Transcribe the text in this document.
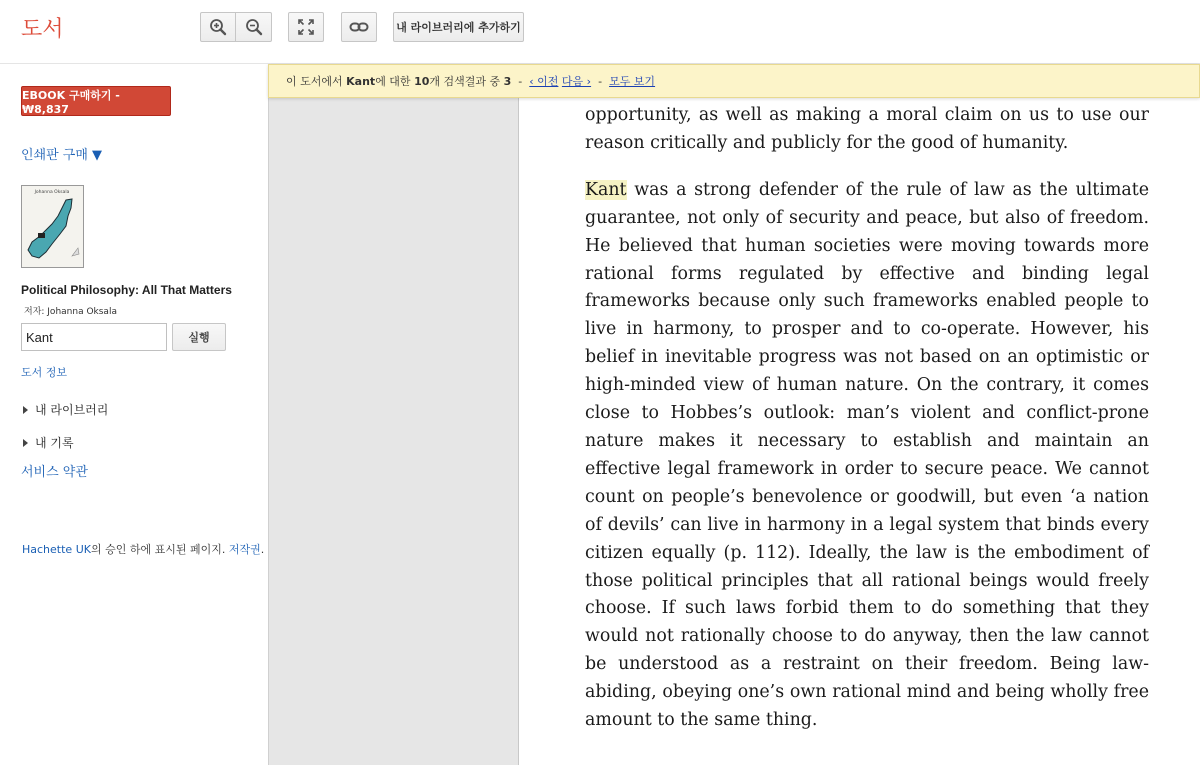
도서	내 라이브러리에 추가하기
EBOOK 구매하기 - ₩8,837
인쇄판 구매 ▼
Johanna Oksala
Political Philosophy: All That Matters
저자: Johanna Oksala
Kant
실행
도서 정보
내 라이브러리
내 기록
서비스 약관
Hachette UK의 승인 하에 표시된 페이지. 저작권.

opportunity, as well as making a moral claim on us to use our reason critically and publicly for the good of humanity.

Kant was a strong defender of the rule of law as the ultimate guarantee, not only of security and peace, but also of freedom. He believed that human societies were moving towards more rational forms regulated by effective and binding legal frameworks because only such frameworks enabled people to live in harmony, to prosper and to co-operate. However, his belief in inevitable progress was not based on an optimistic or high-minded view of human nature. On the contrary, it comes close to Hobbes’s outlook: man’s violent and conflict-prone nature makes it necessary to establish and maintain an effective legal framework in order to secure peace. We cannot count on people’s benevolence or goodwill, but even ‘a nation of devils’ can live in harmony in a legal system that binds every citizen equally (p. 112). Ideally, the law is the embodiment of those political principles that all rational beings would freely choose. If such laws forbid them to do something that they would not rationally choose to do anyway, then the law cannot be understood as a restraint on their freedom. Being law-abiding, obeying one’s own rational mind and being wholly free amount to the same thing.

이 도서에서
Kant 에 대한
10 개 검색결과 중
3 - ‹ 이전
다음 › - 모두 보기
